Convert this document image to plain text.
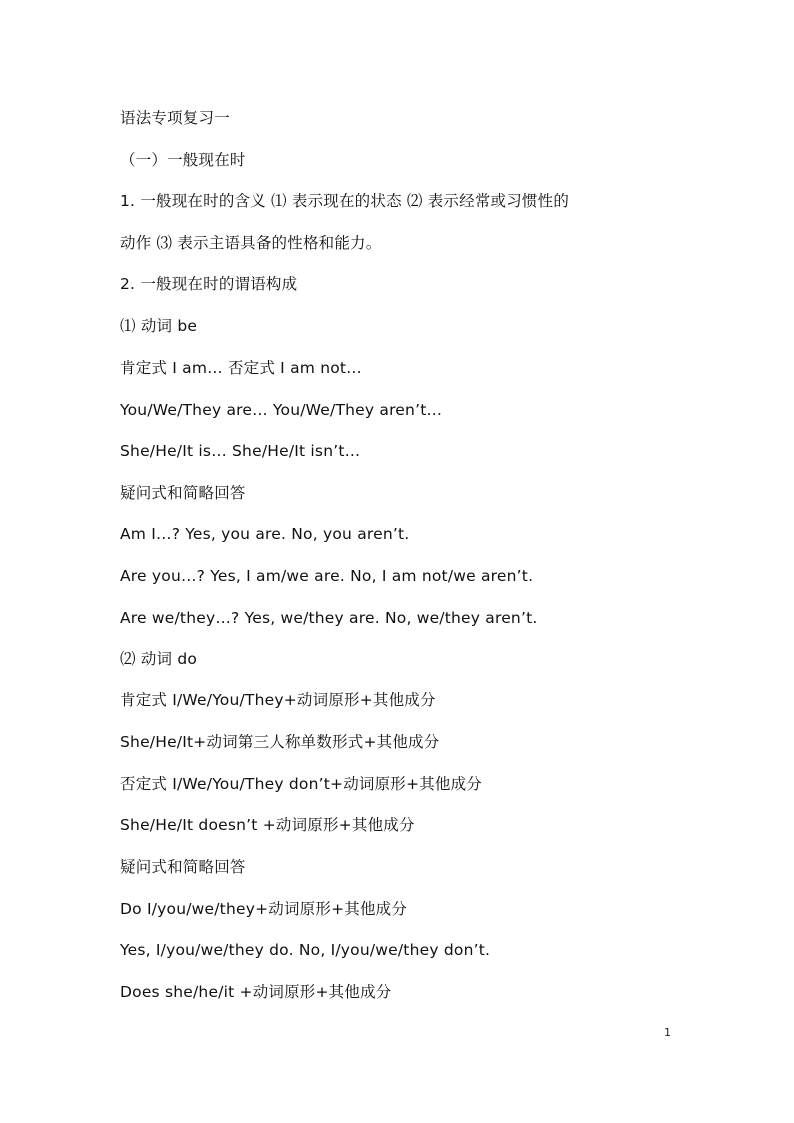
语法专项复习一
（一）一般现在时
1. 一般现在时的含义 ⑴ 表示现在的状态 ⑵ 表示经常或习惯性的
动作 ⑶ 表示主语具备的性格和能力。
2. 一般现在时的谓语构成
⑴ 动词 be
肯定式 I am… 否定式 I am not…
You/We/They are… You/We/They aren’t…
She/He/It is… She/He/It isn’t…
疑问式和简略回答
Am I…? Yes, you are. No, you aren’t.
Are you…? Yes, I am/we are. No, I am not/we aren’t.
Are we/they…? Yes, we/they are. No, we/they aren’t.
⑵ 动词 do
肯定式 I/We/You/They+动词原形+其他成分
She/He/It+动词第三人称单数形式+其他成分
否定式 I/We/You/They don’t+动词原形+其他成分
She/He/It doesn’t +动词原形+其他成分
疑问式和简略回答
Do I/you/we/they+动词原形+其他成分
Yes, I/you/we/they do. No, I/you/we/they don’t.
Does she/he/it +动词原形+其他成分
1
